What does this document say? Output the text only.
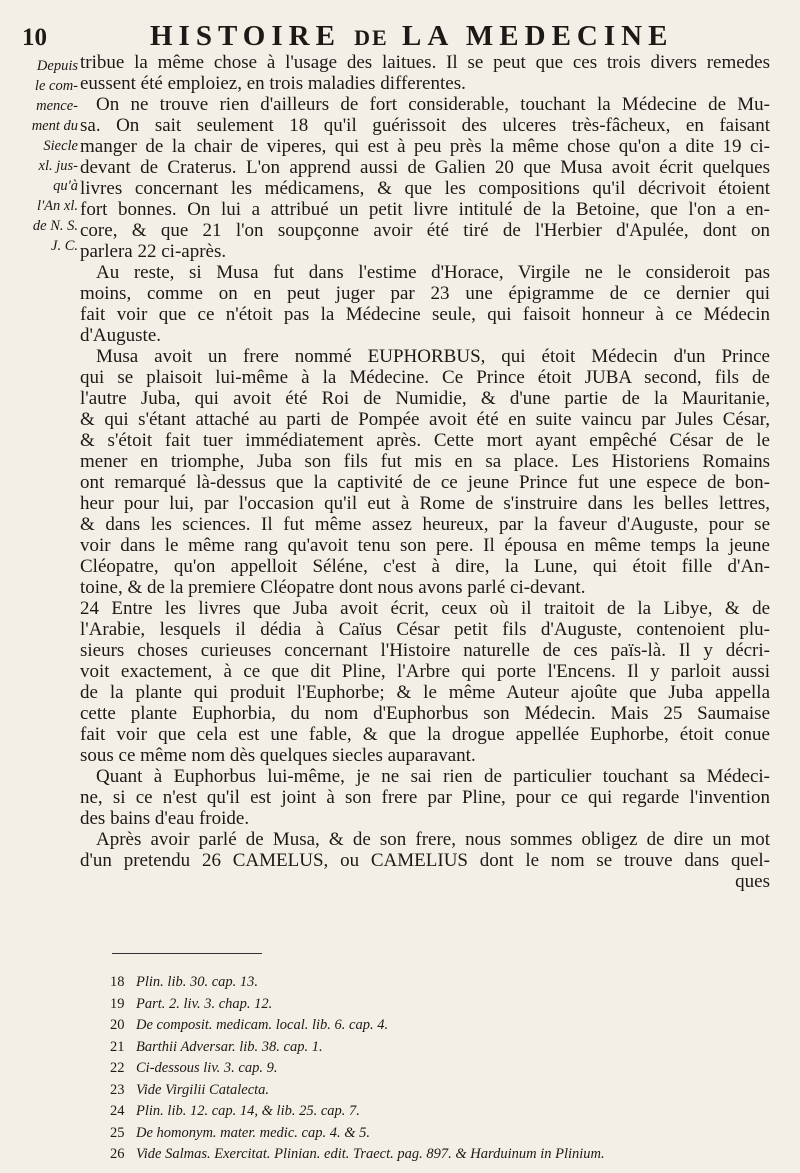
10	HISTOIRE DE LA MEDECINE
Depuis
le com-
mence-
ment du
Siecle
xl. jus-
qu'à
l'An xl.
de N. S.
J. C.
tribue la même chose à l'usage des laitues. Il se peut que ces trois divers remedes
eussent été emploiez, en trois maladies differentes.
On ne trouve rien d'ailleurs de fort considerable, touchant la Médecine de Mu-
sa. On sait seulement 18 qu'il guérissoit des ulceres très-fâcheux, en faisant
manger de la chair de viperes, qui est à peu près la même chose qu'on a dite 19 ci-
devant de Craterus. L'on apprend aussi de Galien 20 que Musa avoit écrit quelques
livres concernant les médicamens, & que les compositions qu'il décrivoit étoient
fort bonnes. On lui a attribué un petit livre intitulé de la Betoine, que l'on a en-
core, & que 21 l'on soupçonne avoir été tiré de l'Herbier d'Apulée, dont on
parlera 22 ci-après.
Au reste, si Musa fut dans l'estime d'Horace, Virgile ne le consideroit pas
moins, comme on en peut juger par 23 une épigramme de ce dernier qui
fait voir que ce n'étoit pas la Médecine seule, qui faisoit honneur à ce Médecin
d'Auguste.
Musa avoit un frere nommé EUPHORBUS, qui étoit Médecin d'un Prince
qui se plaisoit lui-même à la Médecine. Ce Prince étoit JUBA second, fils de
l'autre Juba, qui avoit été Roi de Numidie, & d'une partie de la Mauritanie,
& qui s'étant attaché au parti de Pompée avoit été en suite vaincu par Jules César,
& s'étoit fait tuer immédiatement après. Cette mort ayant empêché César de le
mener en triomphe, Juba son fils fut mis en sa place. Les Historiens Romains
ont remarqué là-dessus que la captivité de ce jeune Prince fut une espece de bon-
heur pour lui, par l'occasion qu'il eut à Rome de s'instruire dans les belles lettres,
& dans les sciences. Il fut même assez heureux, par la faveur d'Auguste, pour se
voir dans le même rang qu'avoit tenu son pere. Il épousa en même temps la jeune
Cléopatre, qu'on appelloit Séléne, c'est à dire, la Lune, qui étoit fille d'An-
toine, & de la premiere Cléopatre dont nous avons parlé ci-devant.
24 Entre les livres que Juba avoit écrit, ceux où il traitoit de la Libye, & de
l'Arabie, lesquels il dédia à Caïus César petit fils d'Auguste, contenoient plu-
sieurs choses curieuses concernant l'Histoire naturelle de ces païs-là. Il y décri-
voit exactement, à ce que dit Pline, l'Arbre qui porte l'Encens. Il y parloit aussi
de la plante qui produit l'Euphorbe; & le même Auteur ajoûte que Juba appella
cette plante Euphorbia, du nom d'Euphorbus son Médecin. Mais 25 Saumaise
fait voir que cela est une fable, & que la drogue appellée Euphorbe, étoit conue
sous ce même nom dès quelques siecles auparavant.
Quant à Euphorbus lui-même, je ne sai rien de particulier touchant sa Médeci-
ne, si ce n'est qu'il est joint à son frere par Pline, pour ce qui regarde l'invention
des bains d'eau froide.
Après avoir parlé de Musa, & de son frere, nous sommes obligez de dire un mot
d'un pretendu 26 CAMELUS, ou CAMELIUS dont le nom se trouve dans quel-
ques
18 Plin. lib. 30. cap. 13.
19 Part. 2. liv. 3. chap. 12.
20 De composit. medicam. local. lib. 6. cap. 4.
21 Barthii Adversar. lib. 38. cap. 1.
22 Ci-dessous liv. 3. cap. 9.
23 Vide Virgilii Catalecta.
24 Plin. lib. 12. cap. 14, & lib. 25. cap. 7.
25 De homonym. mater. medic. cap. 4. & 5.
26 Vide Salmas. Exercitat. Plinian. edit. Traect. pag. 897. & Harduinum in Plinium.
